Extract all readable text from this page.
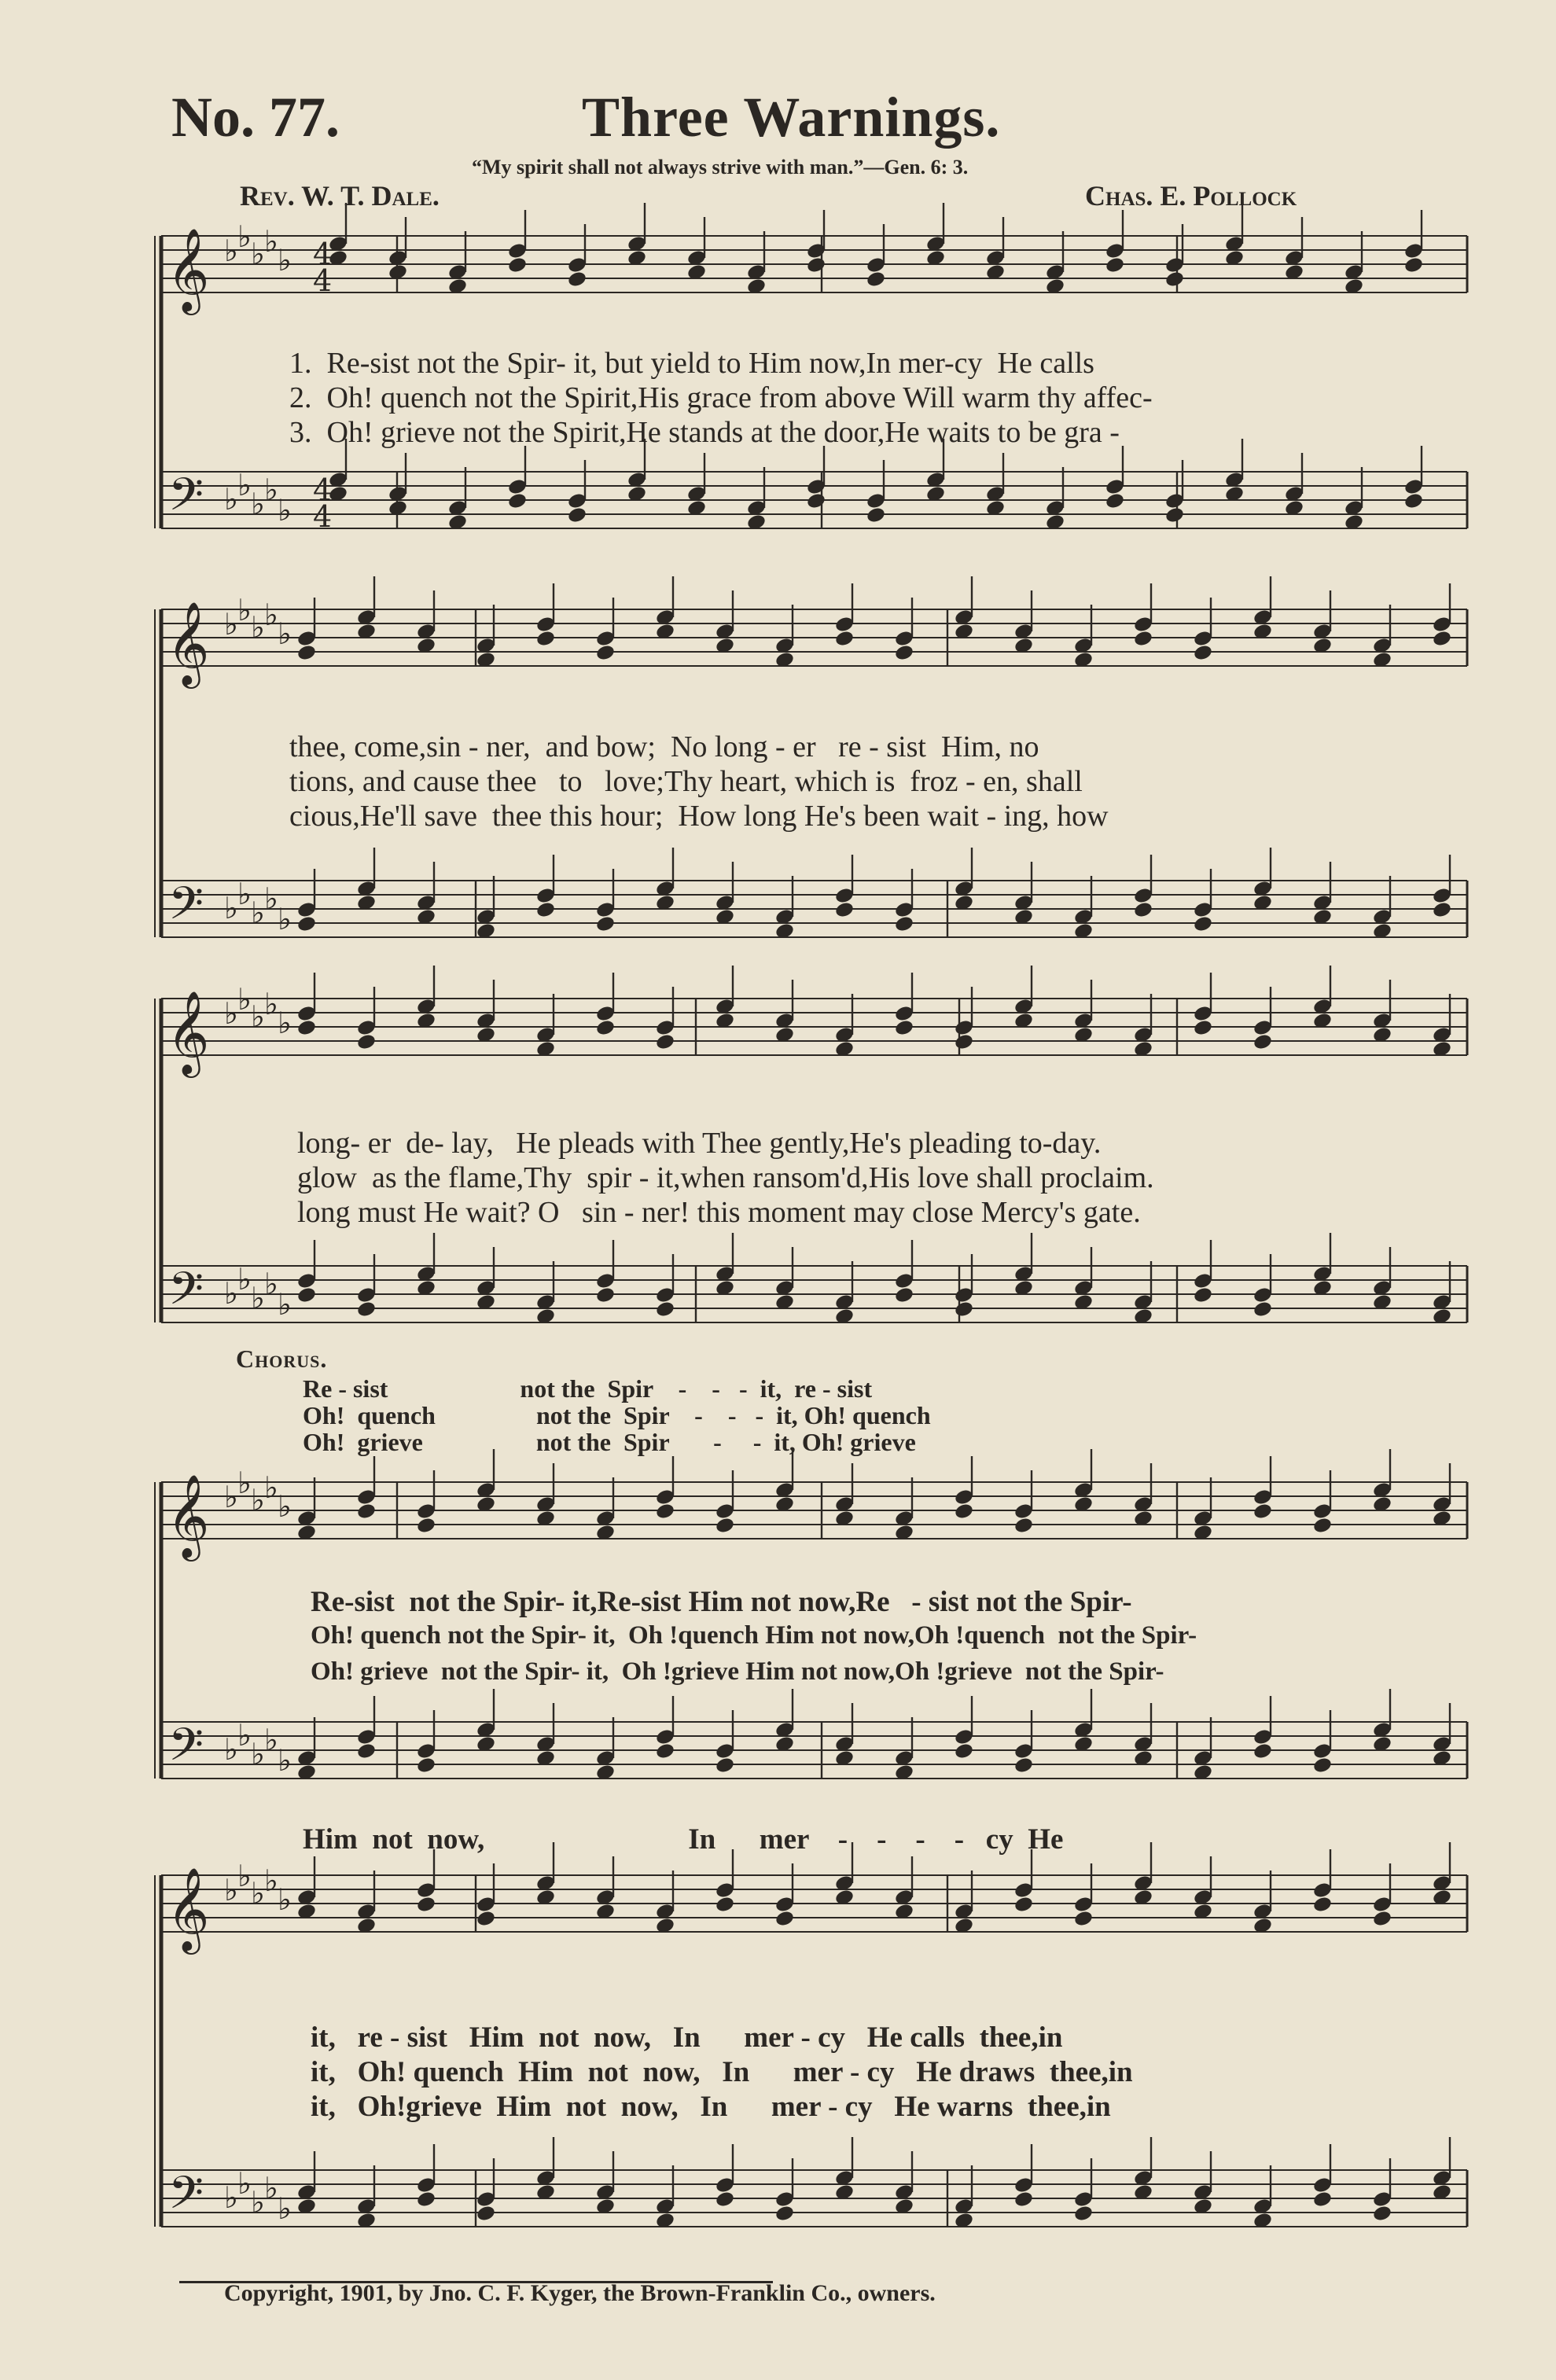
𝄞 ♭ ♭ ♭ ♭
♭
𝄢 ♭ ♭
♭ ♭
♭
𝄞 ♭ ♭ ♭ ♭
♭
𝄢 ♭ ♭
♭ ♭
♭
𝄞 ♭ ♭ ♭ ♭
♭
𝄢 ♭ ♭
♭ ♭
♭
𝄞 ♭ ♭ ♭ ♭
♭
𝄢 ♭ ♭
♭ ♭
♭
𝄞 ♭ ♭ ♭ ♭
♭
𝄢 ♭ ♭
♭ ♭
♭
4
4
4
4
No. 77.	Three Warnings.
“My spirit shall not always strive with man.”—Gen. 6: 3.
Rev. W. T. Dale.	Chas. E. Pollock
1.  Re-sist not the Spir- it, but yield to Him now,In mer-cy  He calls
2.  Oh! quench not the Spirit,His grace from above Will warm thy affec-
3.  Oh! grieve not the Spirit,He stands at the door,He waits to be gra -
thee, come,sin - ner,  and bow;  No long - er   re - sist  Him, no
tions, and cause thee   to   love;Thy heart, which is  froz - en, shall
cious,He'll save  thee this hour;  How long He's been wait - ing, how
long- er  de- lay,   He pleads with Thee gently,He's pleading to-day.
glow  as the flame,Thy  spir - it,when ransom'd,His love shall proclaim.
long must He wait? O   sin - ner! this moment may close Mercy's gate.
Chorus.
Re - sist                     not the  Spir    -    -   -  it,  re - sist
Oh!  quench                not the  Spir    -    -   -  it, Oh! quench
Oh!  grieve                  not the  Spir       -     -  it, Oh! grieve
Re-sist  not the Spir- it,Re-sist Him not now,Re   - sist not the Spir-
Oh! quench not the Spir- it,  Oh !quench Him not now,Oh !quench  not the Spir-
Oh! grieve  not the Spir- it,  Oh !grieve Him not now,Oh !grieve  not the Spir-
Him  not  now,                            In      mer    -    -    -    -   cy  He
it,   re - sist   Him  not  now,   In      mer - cy   He calls  thee,in
it,   Oh! quench  Him  not  now,   In      mer - cy   He draws  thee,in
it,   Oh!grieve  Him  not  now,   In      mer - cy   He warns  thee,in
Copyright, 1901, by Jno. C. F. Kyger, the Brown-Franklin Co., owners.
